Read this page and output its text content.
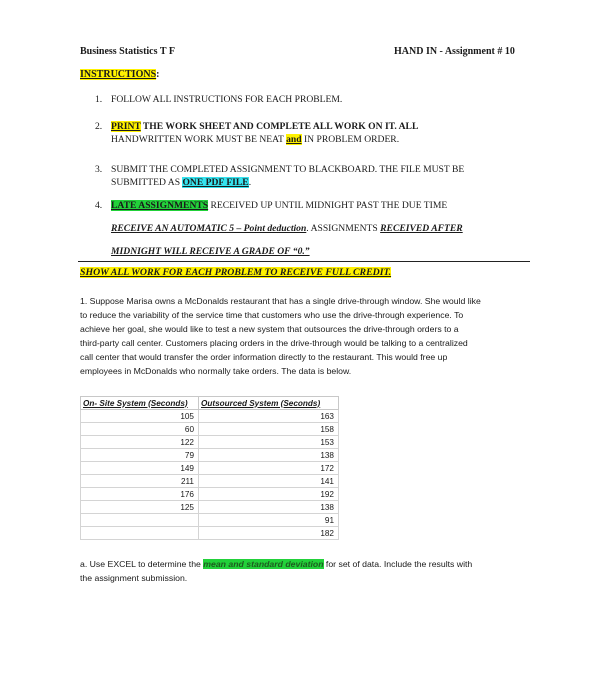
Business Statistics T F	HAND IN - Assignment # 10
INSTRUCTIONS:
1. FOLLOW ALL INSTRUCTIONS FOR EACH PROBLEM.
2. PRINT THE WORK SHEET AND COMPLETE ALL WORK ON IT. ALL
HANDWRITTEN WORK MUST BE NEAT and IN PROBLEM ORDER.
3. SUBMIT THE COMPLETED ASSIGNMENT TO BLACKBOARD. THE FILE MUST BE
SUBMITTED AS ONE PDF FILE.
4. LATE ASSIGNMENTS RECEIVED UP UNTIL MIDNIGHT PAST THE DUE TIME
RECEIVE AN AUTOMATIC 5 – Point deduction. ASSIGNMENTS RECEIVED AFTER
MIDNIGHT WILL RECEIVE A GRADE OF “0.”
SHOW ALL WORK FOR EACH PROBLEM TO RECEIVE FULL CREDIT.
1. Suppose Marisa owns a McDonalds restaurant that has a single drive-through window. She would like
to reduce the variability of the service time that customers who use the drive-through experience. To
achieve her goal, she would like to test a new system that outsources the drive-through orders to a
third-party call center. Customers placing orders in the drive-through would be talking to a centralized
call center that would transfer the order information directly to the restaurant. This would free up
employees in McDonalds who normally take orders. The data is below.
On- Site System (Seconds)	Outsourced System (Seconds)
105	163
60	158
122	153
79	138
149	172
211	141
176	192
125	138
	91
	182
a. Use EXCEL to determine the mean and standard deviation for set of data. Include the results with
the assignment submission.
